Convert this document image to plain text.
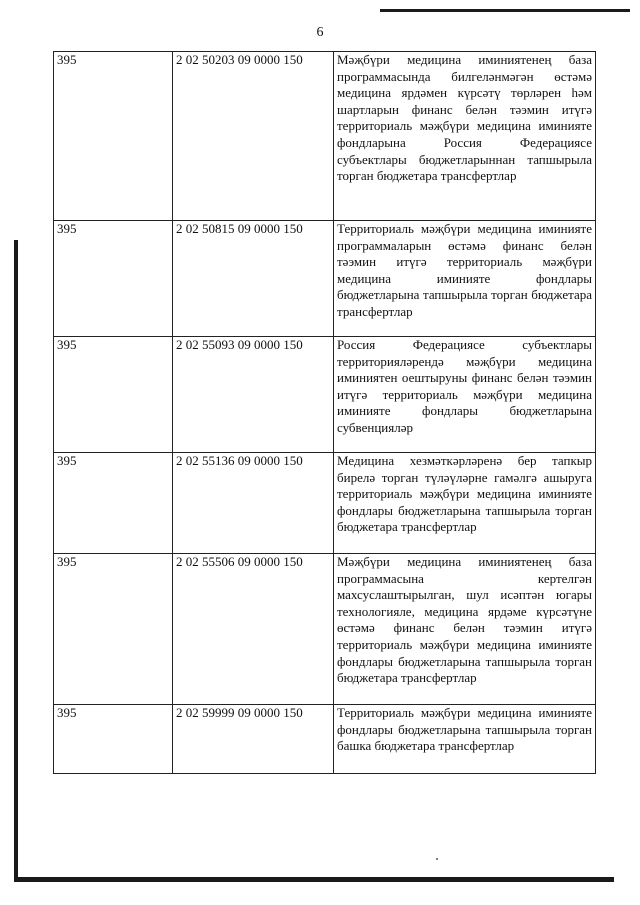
6
395	2 02 50203 09 0000 150	Мәҗбүри медицина иминиятенең база программасында билгеләнмәгән өстәмә медицина ярдәмен күрсәтү төрләрен һәм шартларын финанс белән тәэмин итүгә территориаль мәҗбүри медицина иминияте фондларына Россия Федерациясе субъектлары бюджетларыннан тапшырыла торган бюджетара трансфертлар
395	2 02 50815 09 0000 150	Территориаль мәҗбүри медицина иминияте программаларын өстәмә финанс белән тәэмин итүгә территориаль мәҗбүри медицина иминияте фондлары бюджетларына тапшырыла торган бюджетара трансфертлар
395	2 02 55093 09 0000 150	Россия Федерациясе субъектлары территорияләрендә мәҗбүри медицина иминиятен оештыруны финанс белән тәэмин итүгә территориаль мәҗбүри медицина иминияте фондлары бюджетларына субвенцияләр
395	2 02 55136 09 0000 150	Медицина хезмәткәрләренә бер тапкыр бирелә торган түләүләрне гамәлгә ашыруга территориаль мәҗбүри медицина иминияте фондлары бюджетларына тапшырыла торган бюджетара трансфертлар
395	2 02 55506 09 0000 150	Мәҗбүри медицина иминиятенең база программасына кертелгән махсуслаштырылган, шул исәптән югары технологияле, медицина ярдәме күрсәтүне өстәмә финанс белән тәэмин итүгә территориаль мәҗбүри медицина иминияте фондлары бюджетларына тапшырыла торган бюджетара трансфертлар
395	2 02 59999 09 0000 150	Территориаль мәҗбүри медицина иминияте фондлары бюджетларына тапшырыла торган башка бюджетара трансфертлар
